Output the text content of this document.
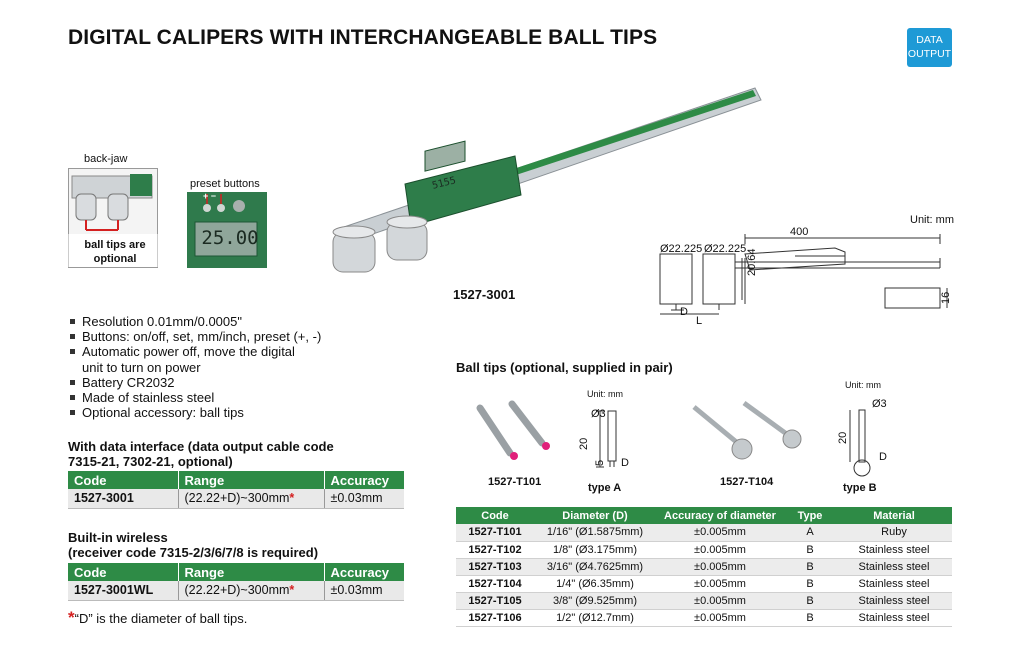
DIGITAL CALIPERS WITH INTERCHANGEABLE BALL TIPS	DATA
OUTPUT
back-jaw
ball tips are
optional
preset buttons
+ −
25.00
5155
1527-3001
Unit: mm
400
Ø22.225 Ø22.225 20.64
16
D
L
Resolution 0.01mm/0.0005"
Buttons: on/off, set, mm/inch, preset (+, -)
Automatic power off, move the digital
unit to turn on power
Battery CR2032
Made of stainless steel
Optional accessory: ball tips
With data interface (data output cable code
7315-21, 7302-21, optional)
Code	Range	Accuracy
1527-3001	(22.22+D)~300mm*	±0.03mm
Built-in wireless
(receiver code 7315-2/3/6/7/8 is required)
Code	Range	Accuracy
1527-3001WL	(22.22+D)~300mm*	±0.03mm
*“D” is the diameter of ball tips.
Ball tips (optional, supplied in pair)
1527-T101
Unit: mm
Ø3
20
5 D
type A	1527-T104
Unit: mm
Ø3
20
D
type B
Code	Diameter (D)	Accuracy of diameter	Type	Material
1527-T101	1/16" (Ø1.5875mm)	±0.005mm	A	Ruby
1527-T102	1/8" (Ø3.175mm)	±0.005mm	B	Stainless steel
1527-T103	3/16" (Ø4.7625mm)	±0.005mm	B	Stainless steel
1527-T104	1/4" (Ø6.35mm)	±0.005mm	B	Stainless steel
1527-T105	3/8" (Ø9.525mm)	±0.005mm	B	Stainless steel
1527-T106	1/2" (Ø12.7mm)	±0.005mm	B	Stainless steel
